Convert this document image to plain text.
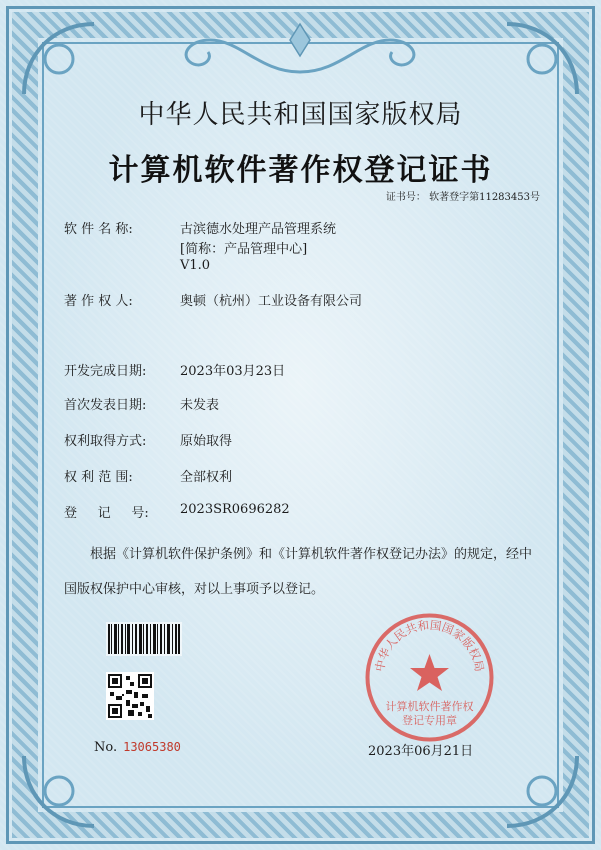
中华人民共和国国家版权局
计算机软件著作权登记证书
证书号： 软著登字第11283453号
软 件 名 称:	古滨德水处理产品管理系统
[简称：产品管理中心]
V1.0
著 作 权 人:	奥顿（杭州）工业设备有限公司
开发完成日期:	2023年03月23日
首次发表日期:	未发表
权利取得方式:	原始取得
权 利 范 围:	全部权利
登     记     号: 2023SR0696282
根据《计算机软件保护条例》和《计算机软件著作权登记办法》的规定，经中国版权保护中心审核，对以上事项予以登记。
中华人民共和国国家版权局
计算机软件著作权
登记专用章
No. 13065380	2023年06月21日
